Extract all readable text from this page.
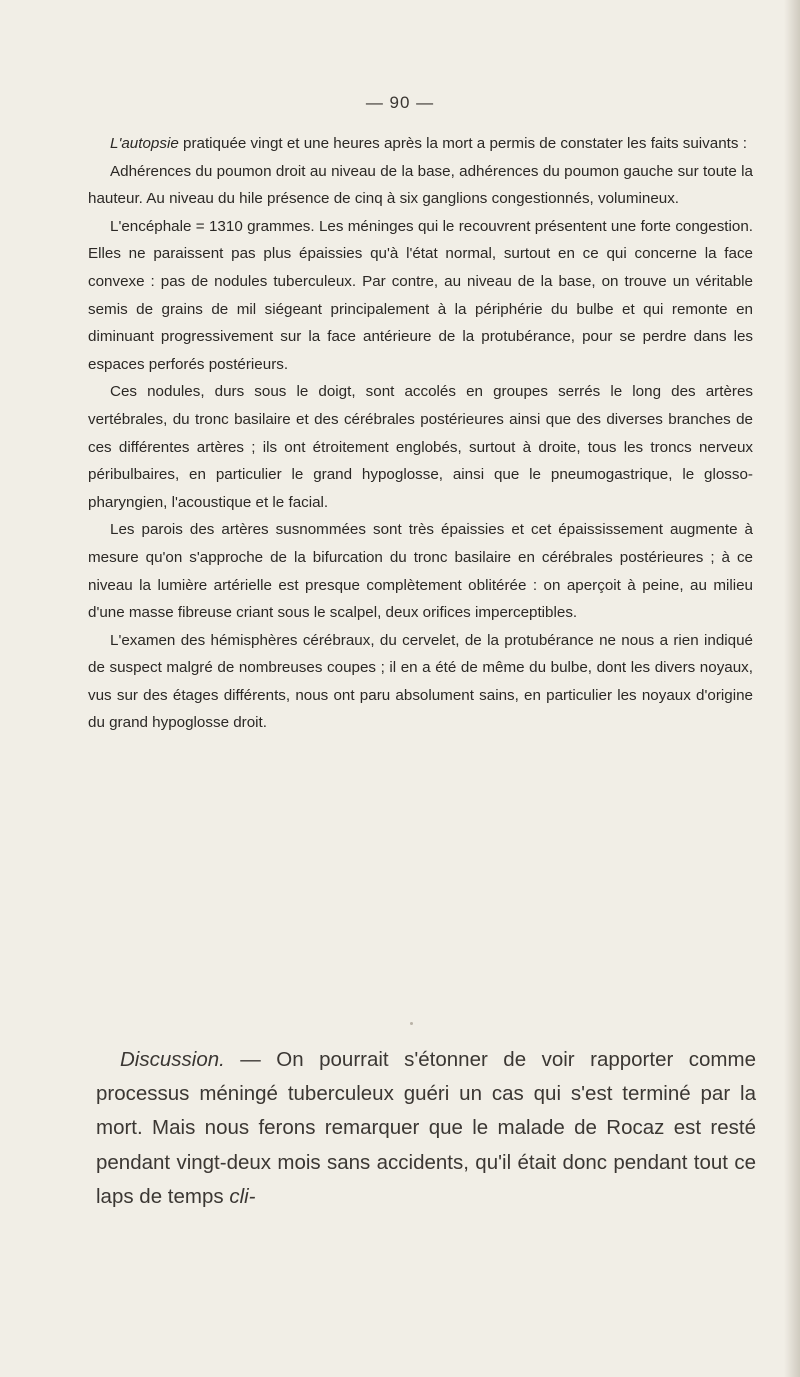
— 90 —

L'autopsie pratiquée vingt et une heures après la mort a permis de constater les faits suivants :

Adhérences du poumon droit au niveau de la base, adhérences du poumon gauche sur toute la hauteur. Au niveau du hile présence de cinq à six ganglions congestionnés, volumineux.

L'encéphale = 1310 grammes. Les méninges qui le recouvrent présentent une forte congestion. Elles ne paraissent pas plus épaissies qu'à l'état normal, surtout en ce qui concerne la face convexe : pas de nodules tuberculeux. Par contre, au niveau de la base, on trouve un véritable semis de grains de mil siégeant principalement à la périphérie du bulbe et qui remonte en diminuant progressivement sur la face antérieure de la protubérance, pour se perdre dans les espaces perforés postérieurs.

Ces nodules, durs sous le doigt, sont accolés en groupes serrés le long des artères vertébrales, du tronc basilaire et des cérébrales postérieures ainsi que des diverses branches de ces différentes artères ; ils ont étroitement englobés, surtout à droite, tous les troncs nerveux péribulbaires, en particulier le grand hypoglosse, ainsi que le pneumogastrique, le glosso-pharyngien, l'acoustique et le facial.

Les parois des artères susnommées sont très épaissies et cet épaississement augmente à mesure qu'on s'approche de la bifurcation du tronc basilaire en cérébrales postérieures ; à ce niveau la lumière artérielle est presque complètement oblitérée : on aperçoit à peine, au milieu d'une masse fibreuse criant sous le scalpel, deux orifices imperceptibles.

L'examen des hémisphères cérébraux, du cervelet, de la protubérance ne nous a rien indiqué de suspect malgré de nombreuses coupes ; il en a été de même du bulbe, dont les divers noyaux, vus sur des étages différents, nous ont paru absolument sains, en particulier les noyaux d'origine du grand hypoglosse droit.

Discussion. — On pourrait s'étonner de voir rapporter comme processus méningé tuberculeux guéri un cas qui s'est terminé par la mort. Mais nous ferons remarquer que le malade de Rocaz est resté pendant vingt-deux mois sans accidents, qu'il était donc pendant tout ce laps de temps cli-
